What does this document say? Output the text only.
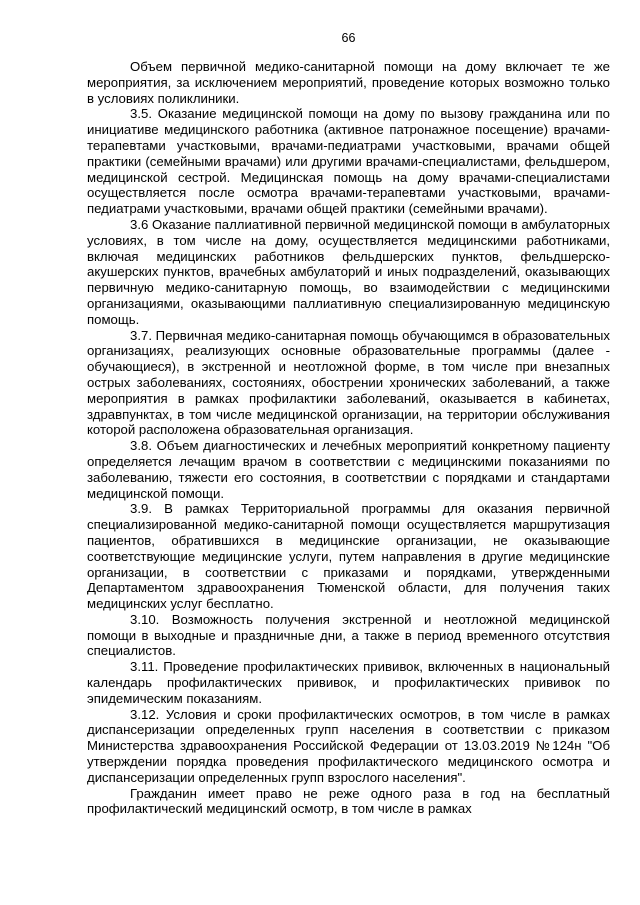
66

Объем первичной медико-санитарной помощи на дому включает те же мероприятия, за исключением мероприятий, проведение которых возможно только в условиях поликлиники.

3.5. Оказание медицинской помощи на дому по вызову гражданина или по инициативе медицинского работника (активное патронажное посещение) врачами-терапевтами участковыми, врачами-педиатрами участковыми, врачами общей практики (семейными врачами) или другими врачами-специалистами, фельдшером, медицинской сестрой. Медицинская помощь на дому врачами-специалистами осуществляется после осмотра врачами-терапевтами участковыми, врачами-педиатрами участковыми, врачами общей практики (семейными врачами).

3.6 Оказание паллиативной первичной медицинской помощи в амбулаторных условиях, в том числе на дому, осуществляется медицинскими работниками, включая медицинских работников фельдшерских пунктов, фельдшерско-акушерских пунктов, врачебных амбулаторий и иных подразделений, оказывающих первичную медико-санитарную помощь, во взаимодействии с медицинскими организациями, оказывающими паллиативную специализированную медицинскую помощь.

3.7. Первичная медико-санитарная помощь обучающимся в образовательных организациях, реализующих основные образовательные программы (далее - обучающиеся), в экстренной и неотложной форме, в том числе при внезапных острых заболеваниях, состояниях, обострении хронических заболеваний, а также мероприятия в рамках профилактики заболеваний, оказывается в кабинетах, здравпунктах, в том числе медицинской организации, на территории обслуживания которой расположена образовательная организация.

3.8. Объем диагностических и лечебных мероприятий конкретному пациенту определяется лечащим врачом в соответствии с медицинскими показаниями по заболеванию, тяжести его состояния, в соответствии с порядками и стандартами медицинской помощи.

3.9. В рамках Территориальной программы для оказания первичной специализированной медико-санитарной помощи осуществляется маршрутизация пациентов, обратившихся в медицинские организации, не оказывающие соответствующие медицинские услуги, путем направления в другие медицинские организации, в соответствии с приказами и порядками, утвержденными Департаментом здравоохранения Тюменской области, для получения таких медицинских услуг бесплатно.

3.10. Возможность получения экстренной и неотложной медицинской помощи в выходные и праздничные дни, а также в период временного отсутствия специалистов.

3.11. Проведение профилактических прививок, включенных в национальный календарь профилактических прививок, и профилактических прививок по эпидемическим показаниям.

3.12. Условия и сроки профилактических осмотров, в том числе в рамках диспансеризации определенных групп населения в соответствии с приказом Министерства здравоохранения Российской Федерации от 13.03.2019 №124н "Об утверждении порядка проведения профилактического медицинского осмотра и диспансеризации определенных групп взрослого населения".

Гражданин имеет право не реже одного раза в год на бесплатный профилактический медицинский осмотр, в том числе в рамках
